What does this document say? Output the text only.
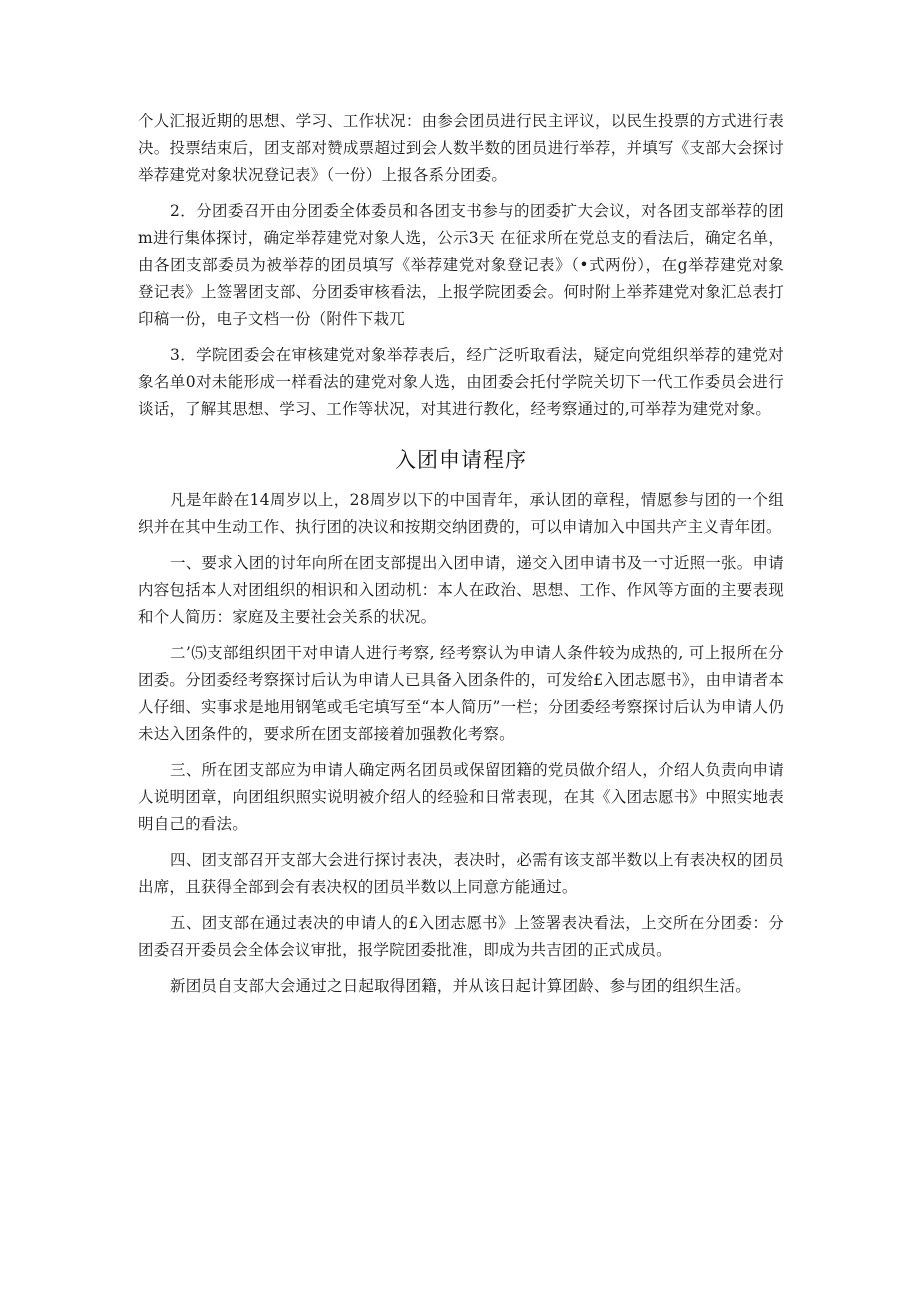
个人汇报近期的思想、学习、工作状况：由参会团员进行民主评议，以民生投票的方式进行表决。投票结束后，团支部对赞成票超过到会人数半数的团员进行举荐，并填写《支部大会探讨举荐建党对象状况登记表》（一份）上报各系分团委。

2．分团委召开由分团委全体委员和各团支书参与的团委扩大会议，对各团支部举荐的团m进行集体探讨，确定举荐建党对象人选，公示3天 在征求所在党总支的看法后，确定名单，由各团支部委员为被举荐的团员填写《举荐建党对象登记表》（•式两份），在g举荐建党对象登记表》上签署团支部、分团委审核看法，上报学院团委会。何时附上举荞建党对象汇总表打印稿一份，电子文档一份（附件下栽兀

3．学院团委会在审核建党对象举荐表后，经广泛听取看法，疑定向党组织举荐的建党对象名单0对未能形成一样看法的建党对象人选，由团委会托付学院关切下一代工作委员会进行谈话，了解其思想、学习、工作等状况，对其进行教化，经考察通过的,可举荐为建党对象。

入团申请程序

凡是年龄在14周岁以上，28周岁以下的中国青年，承认团的章程，情愿参与团的一个组织并在其中生动工作、执行团的决议和按期交纳团费的，可以申请加入中国共产主义青年团。

一、要求入团的讨年向所在团支部提出入团申请，递交入团申请书及一寸近照一张。申请内容包括本人对团组织的相识和入团动机：本人在政治、思想、工作、作风等方面的主要表现和个人简历：家庭及主要社会关系的状况。

二’⑸支部组织团干对申请人进行考察, 经考察认为申请人条件较为成热的, 可上报所在分团委。分团委经考察探讨后认为申请人已具备入团条件的，可发给£入团志愿书》，由申请者本人仔细、实事求是地用钢笔或毛宅填写至“本人简历”一栏；分团委经考察探讨后认为申请人仍未达入团条件的，要求所在团支部接着加强教化考察。

三、所在团支部应为申请人确定两名团员或保留团籍的党员做介绍人，介绍人负责向申请人说明团章，向团组织照实说明被介绍人的经验和日常表现，在其《入团志愿书》中照实地表明自己的看法。

四、团支部召开支部大会进行探讨表决，表决时，必需有该支部半数以上有表决权的团员出席，且获得全部到会有表决权的团员半数以上同意方能通过。

五、团支部在通过表决的申请人的£入团志愿书》上签署表决看法，上交所在分团委：分团委召开委员会全体会议审批，报学院团委批准，即成为共吉团的正式成员。

新团员自支部大会通过之日起取得团籍，并从该日起计算团龄、参与团的组织生活。
